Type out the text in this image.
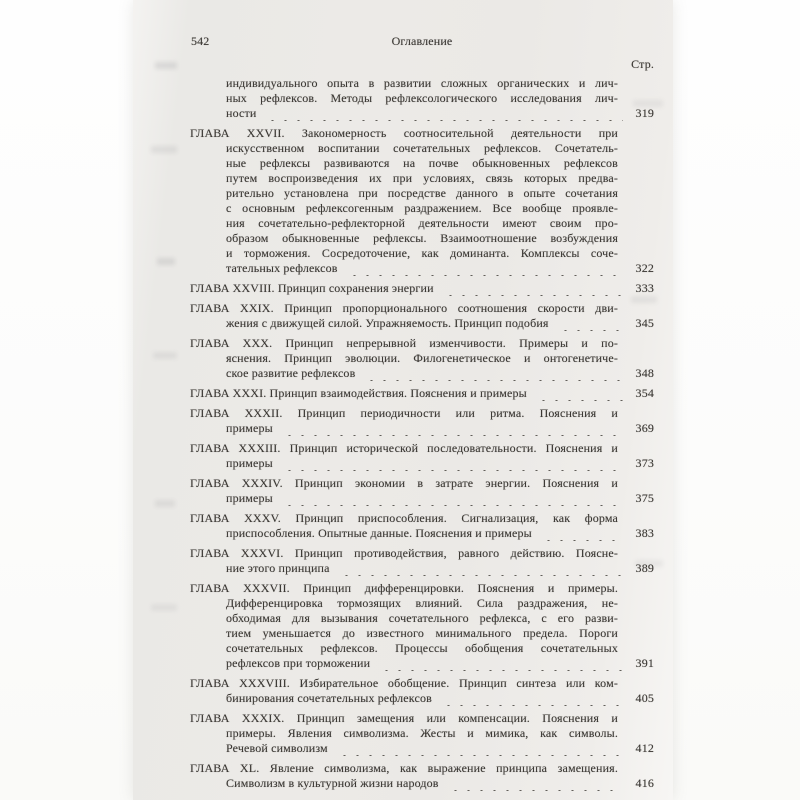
542	Оглавление
Стр.
индивидуального опыта в развитии сложных органических и лич-
ных рефлексов. Методы рефлексологического исследования лич-
ности	319
ГЛАВА XXVII. Закономерность соотносительной деятельности при
искусственном воспитании сочетательных рефлексов. Сочетатель-
ные рефлексы развиваются на почве обыкновенных рефлексов
путем воспроизведения их при условиях, связь которых предва-
рительно установлена при посредстве данного в опыте сочетания
с основным рефлексогенным раздражением. Все вообще проявле-
ния сочетательно-рефлекторной деятельности имеют своим про-
образом обыкновенные рефлексы. Взаимоотношение возбуждения
и торможения. Сосредоточение, как доминанта. Комплексы соче-
тательных рефлексов	322
ГЛАВА XXVIII. Принцип сохранения энергии	333
ГЛАВА XXIX. Принцип пропорционального соотношения скорости дви-
жения с движущей силой. Упражняемость. Принцип подобия	345
ГЛАВА XXX. Принцип непрерывной изменчивости. Примеры и по-
яснения. Принцип эволюции. Филогенетическое и онтогенетиче-
ское развитие рефлексов	348
ГЛАВА XXXI. Принцип взаимодействия. Пояснения и примеры	354
ГЛАВА XXXII. Принцип периодичности или ритма. Пояснения и
примеры	369
ГЛАВА XXXIII. Принцип исторической последовательности. Пояснения и
примеры	373
ГЛАВА XXXIV. Принцип экономии в затрате энергии. Пояснения и
примеры	375
ГЛАВА XXXV. Принцип приспособления. Сигнализация, как форма
приспособления. Опытные данные. Пояснения и примеры	383
ГЛАВА XXXVI. Принцип противодействия, равного действию. Поясне-
ние этого принципа	389
ГЛАВА XXXVII. Принцип дифференцировки. Пояснения и примеры.
Дифференцировка тормозящих влияний. Сила раздражения, не-
обходимая для вызывания сочетательного рефлекса, с его разви-
тием уменьшается до известного минимального предела. Пороги
сочетательных рефлексов. Процессы обобщения сочетательных
рефлексов при торможении	391
ГЛАВА XXXVIII. Избирательное обобщение. Принцип синтеза или ком-
бинирования сочетательных рефлексов	405
ГЛАВА XXXIX. Принцип замещения или компенсации. Пояснения и
примеры. Явления символизма. Жесты и мимика, как символы.
Речевой символизм	412
ГЛАВА XL. Явление символизма, как выражение принципа замещения.
Символизм в культурной жизни народов	416
